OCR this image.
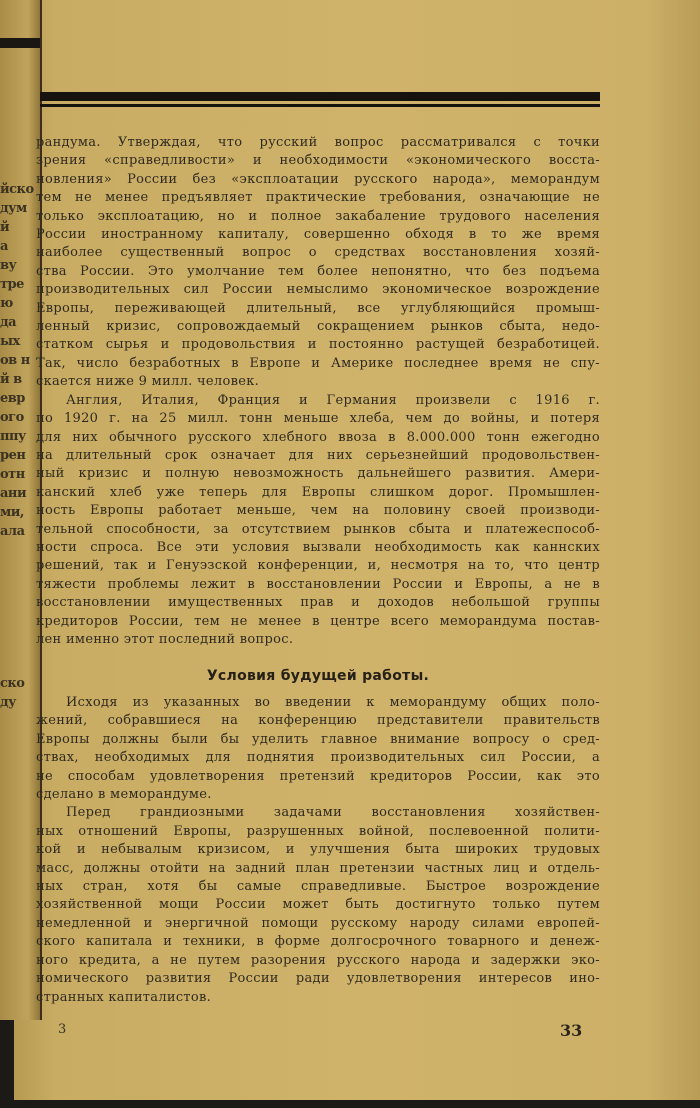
йско
дум
й
а
ву
тре
ю
да
ых
ов н
й в
евр
ого
ппу
рен
отн
ани
ми,
ала

ско
ду
рандума. Утверждая, что русский вопрос рассматривался с точки
зрения «справедливости» и необходимости «экономического восста-
новления» России без «эксплоатации русского народа», меморандум
тем не менее предъявляет практические требования, означающие не
только эксплоатацию, но и полное закабаление трудового населения
России иностранному капиталу, совершенно обходя в то же время
наиболее существенный вопрос о средствах восстановления хозяй-
ства России. Это умолчание тем более непонятно, что без подъема
производительных сил России немыслимо экономическое возрождение
Европы, переживающей длительный, все углубляющийся промыш-
ленный кризис, сопровождаемый сокращением рынков сбыта, недо-
статком сырья и продовольствия и постоянно растущей безработицей.
Так, число безработных в Европе и Америке последнее время не спу-
скается ниже 9 милл. человек.
Англия, Италия, Франция и Германия произвели с 1916 г.
по 1920 г. на 25 милл. тонн меньше хлеба, чем до войны, и потеря
для них обычного русского хлебного ввоза в 8.000.000 тонн ежегодно
на длительный срок означает для них серьезнейший продовольствен-
ный кризис и полную невозможность дальнейшего развития. Амери-
канский хлеб уже теперь для Европы слишком дорог. Промышлен-
ность Европы работает меньше, чем на половину своей производи-
тельной способности, за отсутствием рынков сбыта и платежеспособ-
ности спроса. Все эти условия вызвали необходимость как каннских
решений, так и Генуэзской конференции, и, несмотря на то, что центр
тяжести проблемы лежит в восстановлении России и Европы, а не в
восстановлении имущественных прав и доходов небольшой группы
кредиторов России, тем не менее в центре всего меморандума постав-
лен именно этот последний вопрос.
Условия будущей работы.
Исходя из указанных во введении к меморандуму общих поло-
жений, собравшиеся на конференцию представители правительств
Европы должны были бы уделить главное внимание вопросу о сред-
ствах, необходимых для поднятия производительных сил России, а
не способам удовлетворения претензий кредиторов России, как это
сделано в меморандуме.
Перед грандиозными задачами восстановления хозяйствен-
ных отношений Европы, разрушенных войной, послевоенной полити-
кой и небывалым кризисом, и улучшения быта широких трудовых
масс, должны отойти на задний план претензии частных лиц и отдель-
ных стран, хотя бы самые справедливые. Быстрое возрождение
хозяйственной мощи России может быть достигнуто только путем
немедленной и энергичной помощи русскому народу силами европей-
ского капитала и техники, в форме долгосрочного товарного и денеж-
ного кредита, а не путем разорения русского народа и задержки эко-
номического развития России ради удовлетворения интересов ино-
странных капиталистов.
3	33
